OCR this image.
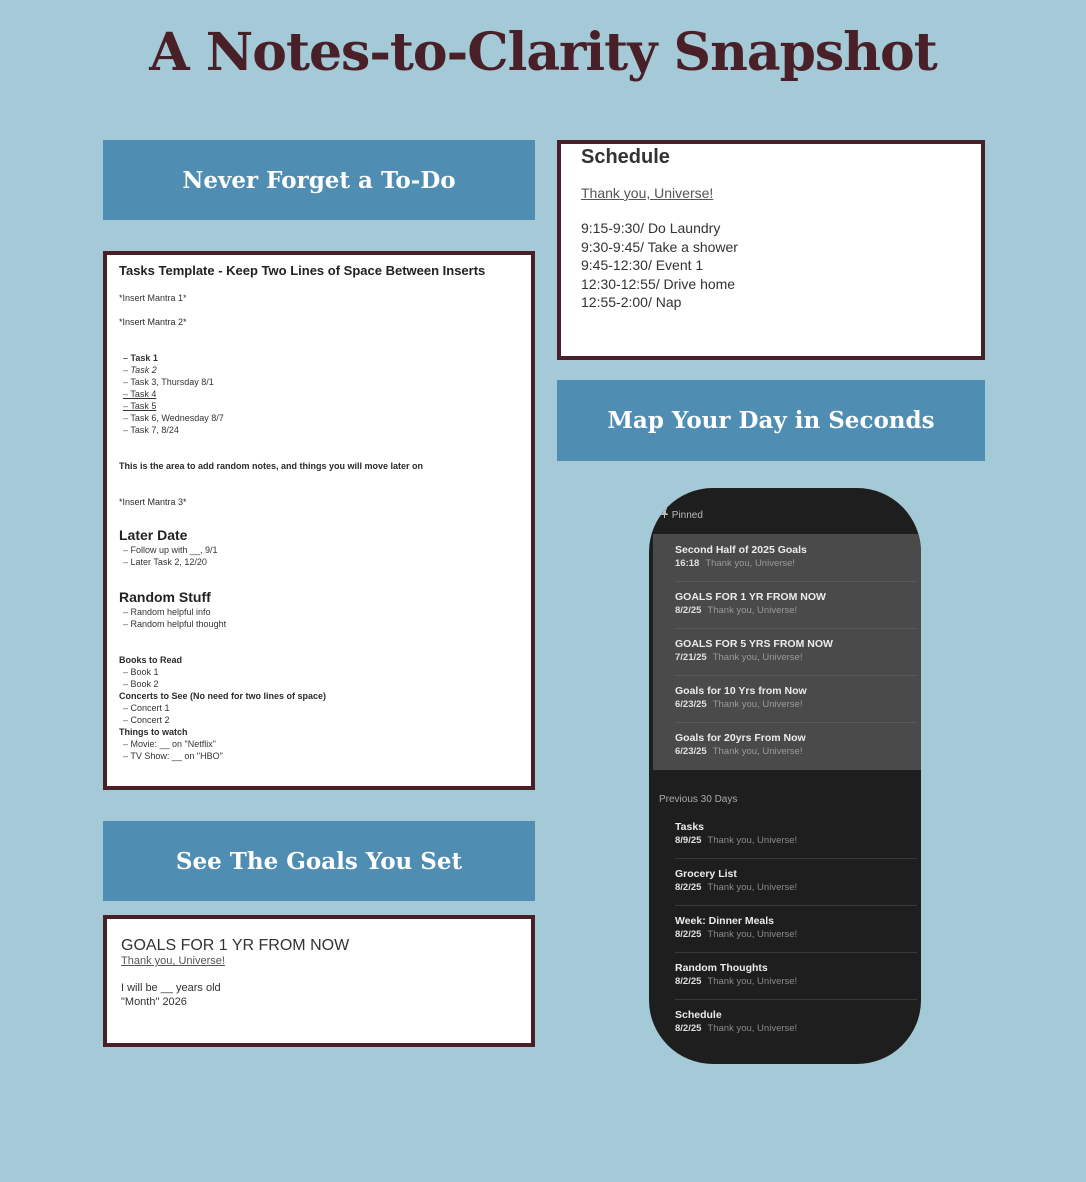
A Notes-to-Clarity Snapshot
Never Forget a To-Do
See The Goals You Set
Map Your Day in Seconds
Tasks Template - Keep Two Lines of Space Between Inserts

*Insert Mantra 1*

*Insert Mantra 2*

– Task 1
– Task 2
– Task 3, Thursday 8/1
– Task 4
– Task 5
– Task 6, Wednesday 8/7
– Task 7, 8/24

This is the area to add random notes, and things you will move later on

*Insert Mantra 3*

Later Date

– Follow up with __, 9/1
– Later Task 2, 12/20

Random Stuff

– Random helpful info
– Random helpful thought

Books to Read

– Book 1
– Book 2

Concerts to See (No need for two lines of space)

– Concert 1
– Concert 2

Things to watch

– Movie: __ on "Netflix"
– TV Show: __ on "HBO"

GOALS FOR 1 YR FROM NOW

Thank you, Universe!

I will be __ years old

"Month" 2026

Schedule

Thank you, Universe!

9:15-9:30/ Do Laundry

9:30-9:45/ Take a shower

9:45-12:30/ Event 1

12:30-12:55/ Drive home

12:55-2:00/ Nap

Pinned
Second Half of 2025 Goals
16:18 Thank you, Universe!
GOALS FOR 1 YR FROM NOW
8/2/25 Thank you, Universe!
GOALS FOR 5 YRS FROM NOW
7/21/25 Thank you, Universe!
Goals for 10 Yrs from Now
6/23/25 Thank you, Universe!
Goals for 20yrs From Now
6/23/25 Thank you, Universe!
Previous 30 Days
Tasks
8/9/25 Thank you, Universe!
Grocery List
8/2/25 Thank you, Universe!
Week: Dinner Meals
8/2/25 Thank you, Universe!
Random Thoughts
8/2/25 Thank you, Universe!
Schedule
8/2/25 Thank you, Universe!
